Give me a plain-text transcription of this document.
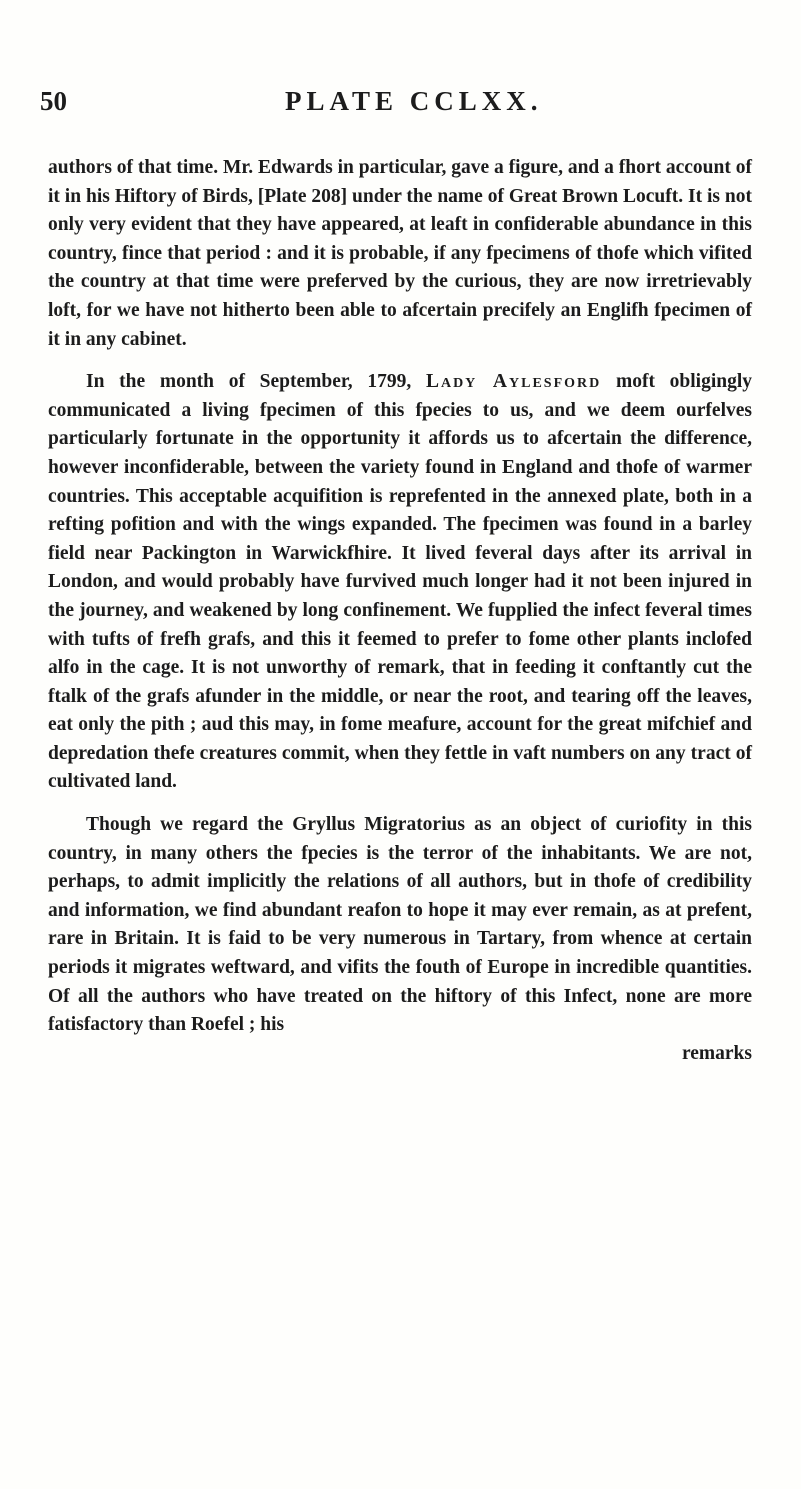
50	PLATE CCLXX.

authors of that time. Mr. Edwards in particular, gave a figure, and a fhort account of it in his Hiftory of Birds, [Plate 208] under the name of Great Brown Locuft. It is not only very evident that they have appeared, at leaft in confiderable abundance in this country, fince that period : and it is probable, if any fpecimens of thofe which vifited the country at that time were preferved by the curious, they are now irretrievably loft, for we have not hitherto been able to afcertain precifely an Englifh fpecimen of it in any cabinet.

In the month of September, 1799, Lady Aylesford moft obligingly communicated a living fpecimen of this fpecies to us, and we deem ourfelves particularly fortunate in the opportunity it affords us to afcertain the difference, however inconfiderable, between the variety found in England and thofe of warmer countries. This acceptable acquifition is reprefented in the annexed plate, both in a refting pofition and with the wings expanded. The fpecimen was found in a barley field near Packington in Warwickfhire. It lived feveral days after its arrival in London, and would probably have furvived much longer had it not been injured in the journey, and weakened by long confinement. We fupplied the infect feveral times with tufts of frefh grafs, and this it feemed to prefer to fome other plants inclofed alfo in the cage. It is not unworthy of remark, that in feeding it conftantly cut the ftalk of the grafs afunder in the middle, or near the root, and tearing off the leaves, eat only the pith ; aud this may, in fome meafure, account for the great mifchief and depredation thefe creatures commit, when they fettle in vaft numbers on any tract of cultivated land.

Though we regard the Gryllus Migratorius as an object of curiofity in this country, in many others the fpecies is the terror of the inhabitants. We are not, perhaps, to admit implicitly the relations of all authors, but in thofe of credibility and information, we find abundant reafon to hope it may ever remain, as at prefent, rare in Britain. It is faid to be very numerous in Tartary, from whence at certain periods it migrates weftward, and vifits the fouth of Europe in incredible quantities. Of all the authors who have treated on the hiftory of this Infect, none are more fatisfactory than Roefel ; his

remarks
